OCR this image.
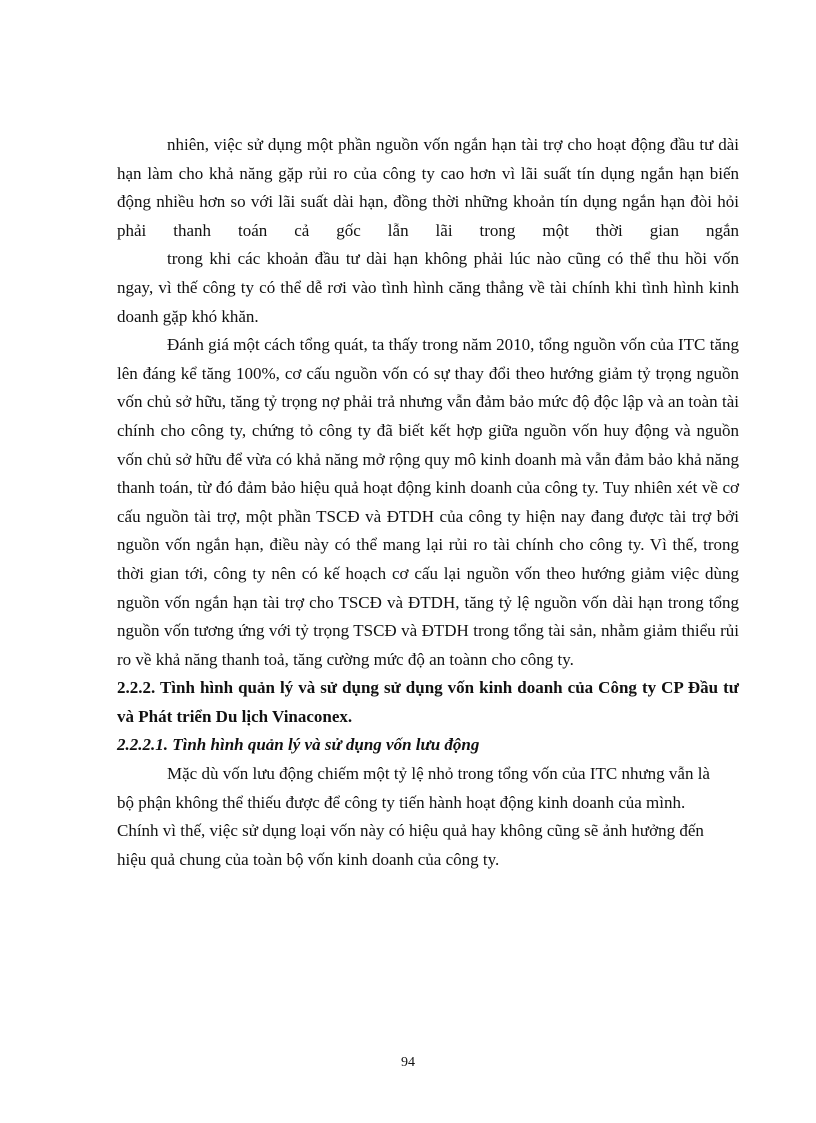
nhiên, việc sử dụng một phần nguồn vốn ngắn hạn tài trợ cho hoạt động đầu tư dài hạn làm cho khả năng gặp rủi ro của công ty cao hơn vì lãi suất tín dụng ngắn hạn biến động nhiều hơn so với lãi suất dài hạn, đồng thời những khoản tín dụng ngắn hạn đòi hỏi phải thanh toán cả gốc lẫn lãi trong một thời gian ngắn

trong khi các khoản đầu tư dài hạn không phải lúc nào cũng có thể thu hồi vốn ngay, vì thế công ty có thể dễ rơi vào tình hình căng thẳng về tài chính khi tình hình kinh doanh gặp khó khăn.

Đánh giá một cách tổng quát, ta thấy trong năm 2010, tổng nguồn vốn của ITC tăng lên đáng kể tăng 100%, cơ cấu nguồn vốn có sự thay đổi theo hướng giảm tỷ trọng nguồn vốn chủ sở hữu, tăng tỷ trọng nợ phải trả nhưng vẫn đảm bảo mức độ độc lập và an toàn tài chính cho công ty, chứng tỏ công ty đã biết kết hợp giữa nguồn vốn huy động và nguồn vốn chủ sở hữu để vừa có khả năng mở rộng quy mô kinh doanh mà vẫn đảm bảo khả năng thanh toán, từ đó đảm bảo hiệu quả hoạt động kinh doanh của công ty. Tuy nhiên xét về cơ cấu nguồn tài trợ, một phần TSCĐ và ĐTDH của công ty hiện nay đang được tài trợ bởi nguồn vốn ngắn hạn, điều này có thể mang lại rủi ro tài chính cho công ty. Vì thế, trong thời gian tới, công ty nên có kế hoạch cơ cấu lại nguồn vốn theo hướng giảm việc dùng nguồn vốn ngắn hạn tài trợ cho TSCĐ và ĐTDH, tăng tỷ lệ nguồn vốn dài hạn trong tổng nguồn vốn tương ứng với tỷ trọng TSCĐ và ĐTDH trong tổng tài sản, nhằm giảm thiểu rủi ro về khả năng thanh toả, tăng cường mức độ an toànn cho công ty.

2.2.2. Tình hình quản lý và sử dụng sử dụng vốn kinh doanh của Công ty CP Đầu tư và Phát triển Du lịch Vinaconex.

2.2.2.1. Tình hình quản lý và sử dụng vốn lưu động

Mặc dù vốn lưu động chiếm một tỷ lệ nhỏ trong tổng vốn của ITC nhưng vẫn là bộ phận không thể thiếu được để công ty tiến hành hoạt động kinh doanh của mình. Chính vì thế, việc sử dụng loại vốn này có hiệu quả hay không cũng sẽ ảnh hưởng đến hiệu quả chung của toàn bộ vốn kinh doanh của công ty.

94
